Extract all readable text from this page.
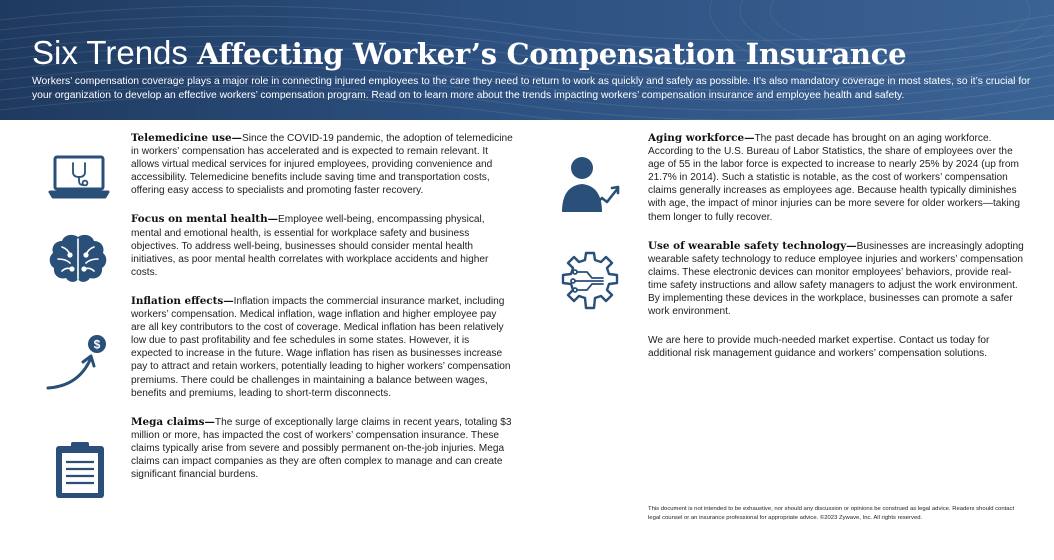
Six Trends Affecting Worker’s Compensation Insurance

Workers’ compensation coverage plays a major role in connecting injured employees to the care they need to return to work as quickly and safely as possible. It’s also mandatory coverage in most states, so it’s crucial for your organization to develop an effective workers’ compensation program. Read on to learn more about the trends impacting workers’ compensation insurance and employee health and safety.

$

Telemedicine use—Since the COVID-19 pandemic, the adoption of telemedicine in workers’ compensation has accelerated and is expected to remain relevant. It allows virtual medical services for injured employees, providing convenience and accessibility. Telemedicine benefits include saving time and transportation costs, offering easy access to specialists and promoting faster recovery.

Focus on mental health—Employee well-being, encompassing physical, mental and emotional health, is essential for workplace safety and business objectives. To address well-being, businesses should consider mental health initiatives, as poor mental health correlates with workplace accidents and higher costs.

Inflation effects—Inflation impacts the commercial insurance market, including workers’ compensation. Medical inflation, wage inflation and higher employee pay are all key contributors to the cost of coverage. Medical inflation has been relatively low due to past profitability and fee schedules in some states. However, it is expected to increase in the future. Wage inflation has risen as businesses increase pay to attract and retain workers, potentially leading to higher workers’ compensation premiums. There could be challenges in maintaining a balance between wages, benefits and premiums, leading to short-term disconnects.

Mega claims—The surge of exceptionally large claims in recent years, totaling $3 million or more, has impacted the cost of workers’ compensation insurance. These claims typically arise from severe and possibly permanent on-the-job injuries. Mega claims can impact companies as they are often complex to manage and can create significant financial burdens.

Aging workforce—The past decade has brought on an aging workforce. According to the U.S. Bureau of Labor Statistics, the share of employees over the age of 55 in the labor force is expected to increase to nearly 25% by 2024 (up from 21.7% in 2014). Such a statistic is notable, as the cost of workers’ compensation claims generally increases as employees age. Because health typically diminishes with age, the impact of minor injuries can be more severe for older workers—taking them longer to fully recover.

Use of wearable safety technology—Businesses are increasingly adopting wearable safety technology to reduce employee injuries and workers’ compensation claims. These electronic devices can monitor employees’ behaviors, provide real-time safety instructions and allow safety managers to adjust the work environment. By implementing these devices in the workplace, businesses can promote a safer work environment.

We are here to provide much-needed market expertise. Contact us today for additional risk management guidance and workers’ compensation solutions.

This document is not intended to be exhaustive, nor should any discussion or opinions be construed as legal advice. Readers should contact legal counsel or an insurance professional for appropriate advice. ©2023 Zywave, Inc. All rights reserved.
